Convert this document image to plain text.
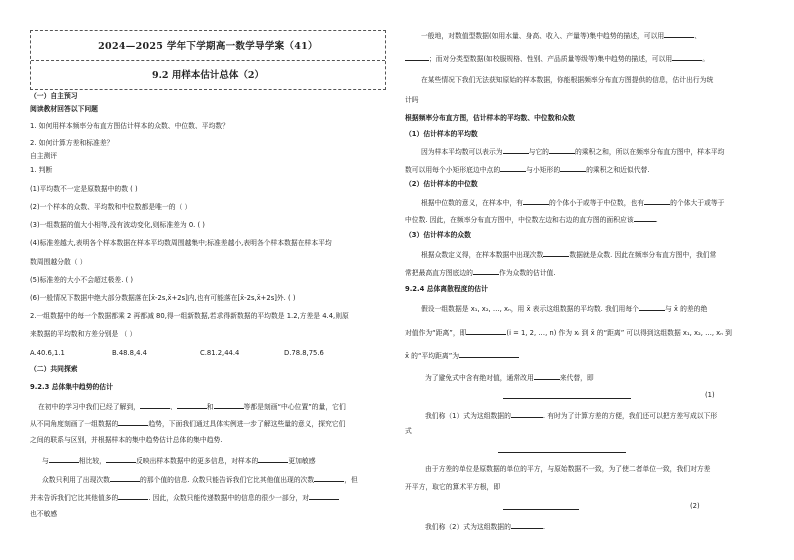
2024—2025 学年下学期高一数学导学案（41）
9.2 用样本估计总体（2）
（一）自主预习
阅读教材回答以下问题
1. 如何用样本频率分布直方图估计样本的众数、中位数、平均数？
2. 如何计算方差和标准差？
自主测评
1. 判断
(1)平均数不一定是原数据中的数 ( )
(2)一个样本的众数、平均数和中位数都是唯一的（ ）
(3)一组数据的值大小相等,没有波动变化,则标准差为 0. ( )
(4)标准差越大,表明各个样本数据在样本平均数周围越集中;标准差越小,表明各个样本数据在样本平均
数周围越分散（ ）
(5)标准差的大小不会超过极差. ( )
(6)一般情况下数据中绝大部分数据落在[x̄-2s,x̄+2s]内,也有可能落在[x̄-2s,x̄+2s]外. ( )
2.一组数据中的每一个数据都乘 2 再都减 80,得一组新数据,若求得新数据的平均数是 1.2,方差是 4.4,则原
来数据的平均数和方差分别是 （ ）
A.40.6,1.1	B.48.8,4.4	C.81.2,44.4	D.78.8,75.6
（二）共同探索
9.2.3 总体集中趋势的估计
在初中的学习中我们已经了解到，	、	和	等都是刻画“中心位置”的量，它们
从不同角度刻画了一组数据的	趋势，下面我们通过具体实例进一步了解这些量的意义，探究它们
之间的联系与区别，并根据样本的集中趋势估计总体的集中趋势.
与	相比较，	反映出样本数据中的更多信息，对样本的	更加敏感
众数只利用了出现次数	的那个值的信息. 众数只能告诉我们它比其他值出现的次数	，但
并未告诉我们它比其他值多的	. 因此，众数只能传递数据中的信息的很少一部分，对
也不敏感
一般地，对数值型数据(如用水量、身高、收入、产量等)集中趋势的描述，可以用	、
；而对分类型数据(如校服规格、性别、产品质量等级等)集中趋势的描述，可以用	。
在某些情况下我们无法获知原始的样本数据，你能根据频率分布直方图提供的信息，估计出行为统
计吗
根据频率分布直方图，估计样本的平均数、中位数和众数
（1）估计样本的平均数
因为样本平均数可以表示为	与它的	的乘积之和，所以在频率分布直方图中，样本平均
数可以用每个小矩形底边中点的	与小矩形的	的乘积之和近似代替.
（2）估计样本的中位数
根据中位数的意义，在样本中，有	的个体小于或等于中位数，也有	的个体大于或等于
中位数. 因此，在频率分布直方图中，中位数左边和右边的直方图的面积应该	.
（3）估计样本的众数
根据众数定义得，在样本数据中出现次数	数据就是众数. 因此在频率分布直方图中，我们常
常把最高直方图底边的	作为众数的估计值.
9.2.4 总体离散程度的估计
假设一组数据是 x₁, x₂, …, xₙ，用 x̄ 表示这组数据的平均数. 我们用每个	与 x̄ 的差的绝
对值作为“距离”，即	(i = 1, 2, …, n) 作为 xᵢ 到 x̄ 的“距离” 可以得到这组数据 x₁, x₂, …, xₙ 到
x̄ 的“平均距离”为
为了避免式中含有绝对值，通常改用	来代替，即
(1)
我们称（1）式为这组数据的	. 有时为了计算方差的方便，我们还可以把方差写成以下形
式
由于方差的单位是原数据的单位的平方，与原始数据不一致，为了使二者单位一致，我们对方差
开平方，取它的算术平方根，即
(2)
我们称（2）式为这组数据的	.
